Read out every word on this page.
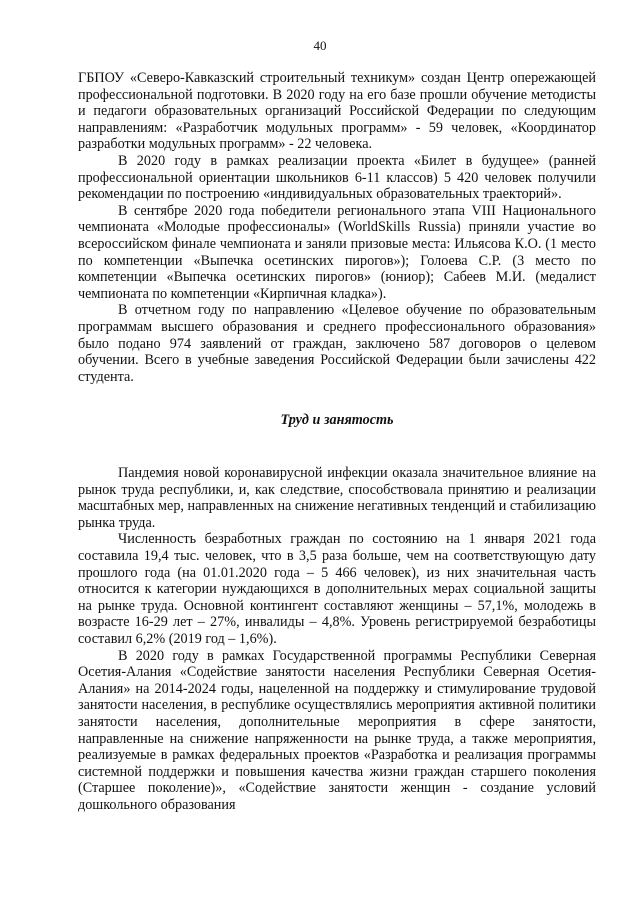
40

ГБПОУ «Северо-Кавказский строительный техникум» создан Центр опережающей профессиональной подготовки. В 2020 году на его базе прошли обучение методисты и педагоги образовательных организаций Российской Федерации по следующим направлениям: «Разработчик модульных программ» - 59 человек, «Координатор разработки модульных программ» - 22 человека.

В 2020 году в рамках реализации проекта «Билет в будущее» (ранней профессиональной ориентации школьников 6-11 классов) 5 420 человек получили рекомендации по построению «индивидуальных образовательных траекторий».

В сентябре 2020 года победители регионального этапа VIII Национального чемпионата «Молодые профессионалы» (WorldSkills Russia) приняли участие во всероссийском финале чемпионата и заняли призовые места: Ильясова К.О. (1 место по компетенции «Выпечка осетинских пирогов»); Голоева С.Р. (3 место по компетенции «Выпечка осетинских пирогов» (юниор); Сабеев М.И. (медалист чемпионата по компетенции «Кирпичная кладка»).

В отчетном году по направлению «Целевое обучение по образовательным программам высшего образования и среднего профессионального образования» было подано 974 заявлений от граждан, заключено 587 договоров о целевом обучении. Всего в учебные заведения Российской Федерации были зачислены 422 студента.

Труд и занятость

Пандемия новой коронавирусной инфекции оказала значительное влияние на рынок труда республики, и, как следствие, способствовала принятию и реализации масштабных мер, направленных на снижение негативных тенденций и стабилизацию рынка труда.

Численность безработных граждан по состоянию на 1 января 2021 года составила 19,4 тыс. человек, что в 3,5 раза больше, чем на соответствующую дату прошлого года (на 01.01.2020 года – 5 466 человек), из них значительная часть относится к категории нуждающихся в дополнительных мерах социальной защиты на рынке труда. Основной контингент составляют женщины – 57,1%, молодежь в возрасте 16-29 лет – 27%, инвалиды – 4,8%. Уровень регистрируемой безработицы составил 6,2% (2019 год – 1,6%).

В 2020 году в рамках Государственной программы Республики Северная Осетия-Алания «Содействие занятости населения Республики Северная Осетия-Алания» на 2014-2024 годы, нацеленной на поддержку и стимулирование трудовой занятости населения, в республике осуществлялись мероприятия активной политики занятости населения, дополнительные мероприятия в сфере занятости, направленные на снижение напряженности на рынке труда, а также мероприятия, реализуемые в рамках федеральных проектов «Разработка и реализация программы системной поддержки и повышения качества жизни граждан старшего поколения (Старшее поколение)», «Содействие занятости женщин - создание условий дошкольного образования
